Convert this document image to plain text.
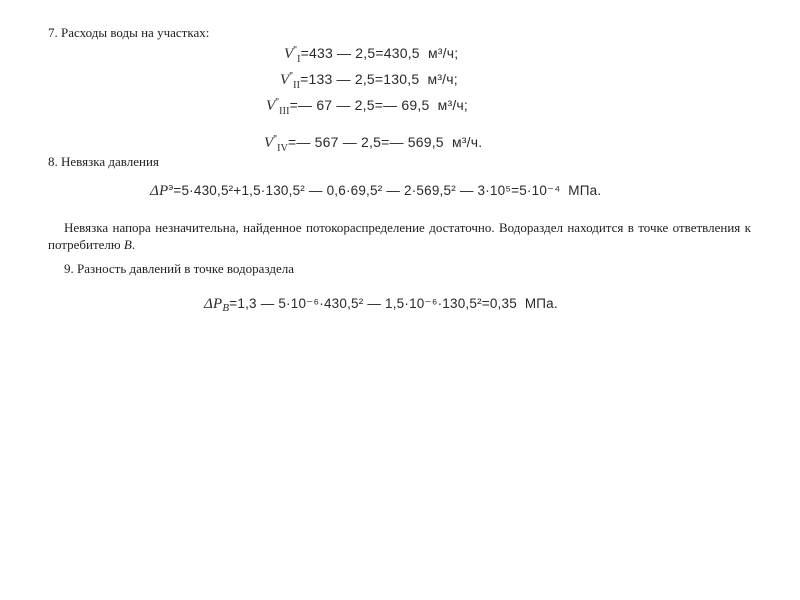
7. Расходы воды на участках:
$V^"_I=433$ — 2,5=430,5 м³/ч;
$V^"_{II}=133$ — 2,5=130,5 м³/ч;
$V^"_{III}=—$ 67 — 2,5=— 69,5 м³/ч;
$V^"_{IV}=—$ 567 — 2,5=— 569,5 м³/ч.
8. Невязка давления
$\Delta P^э=5\cdot 430,5^2+1,5\cdot 130,5^2$ — 0,6·69,5² — 2·569,5² — 3·10⁵=5·10⁻⁴ МПа.
Невязка напора незначительна, найденное потокораспределение достаточно. Водораздел находится в точке ответвления к потребителю B.
9. Разность давлений в точке водораздела
$\Delta P_B=1,3$ — 5·10⁻⁶·430,5² — 1,5·10⁻⁶·130,5²=0,35 МПа.
